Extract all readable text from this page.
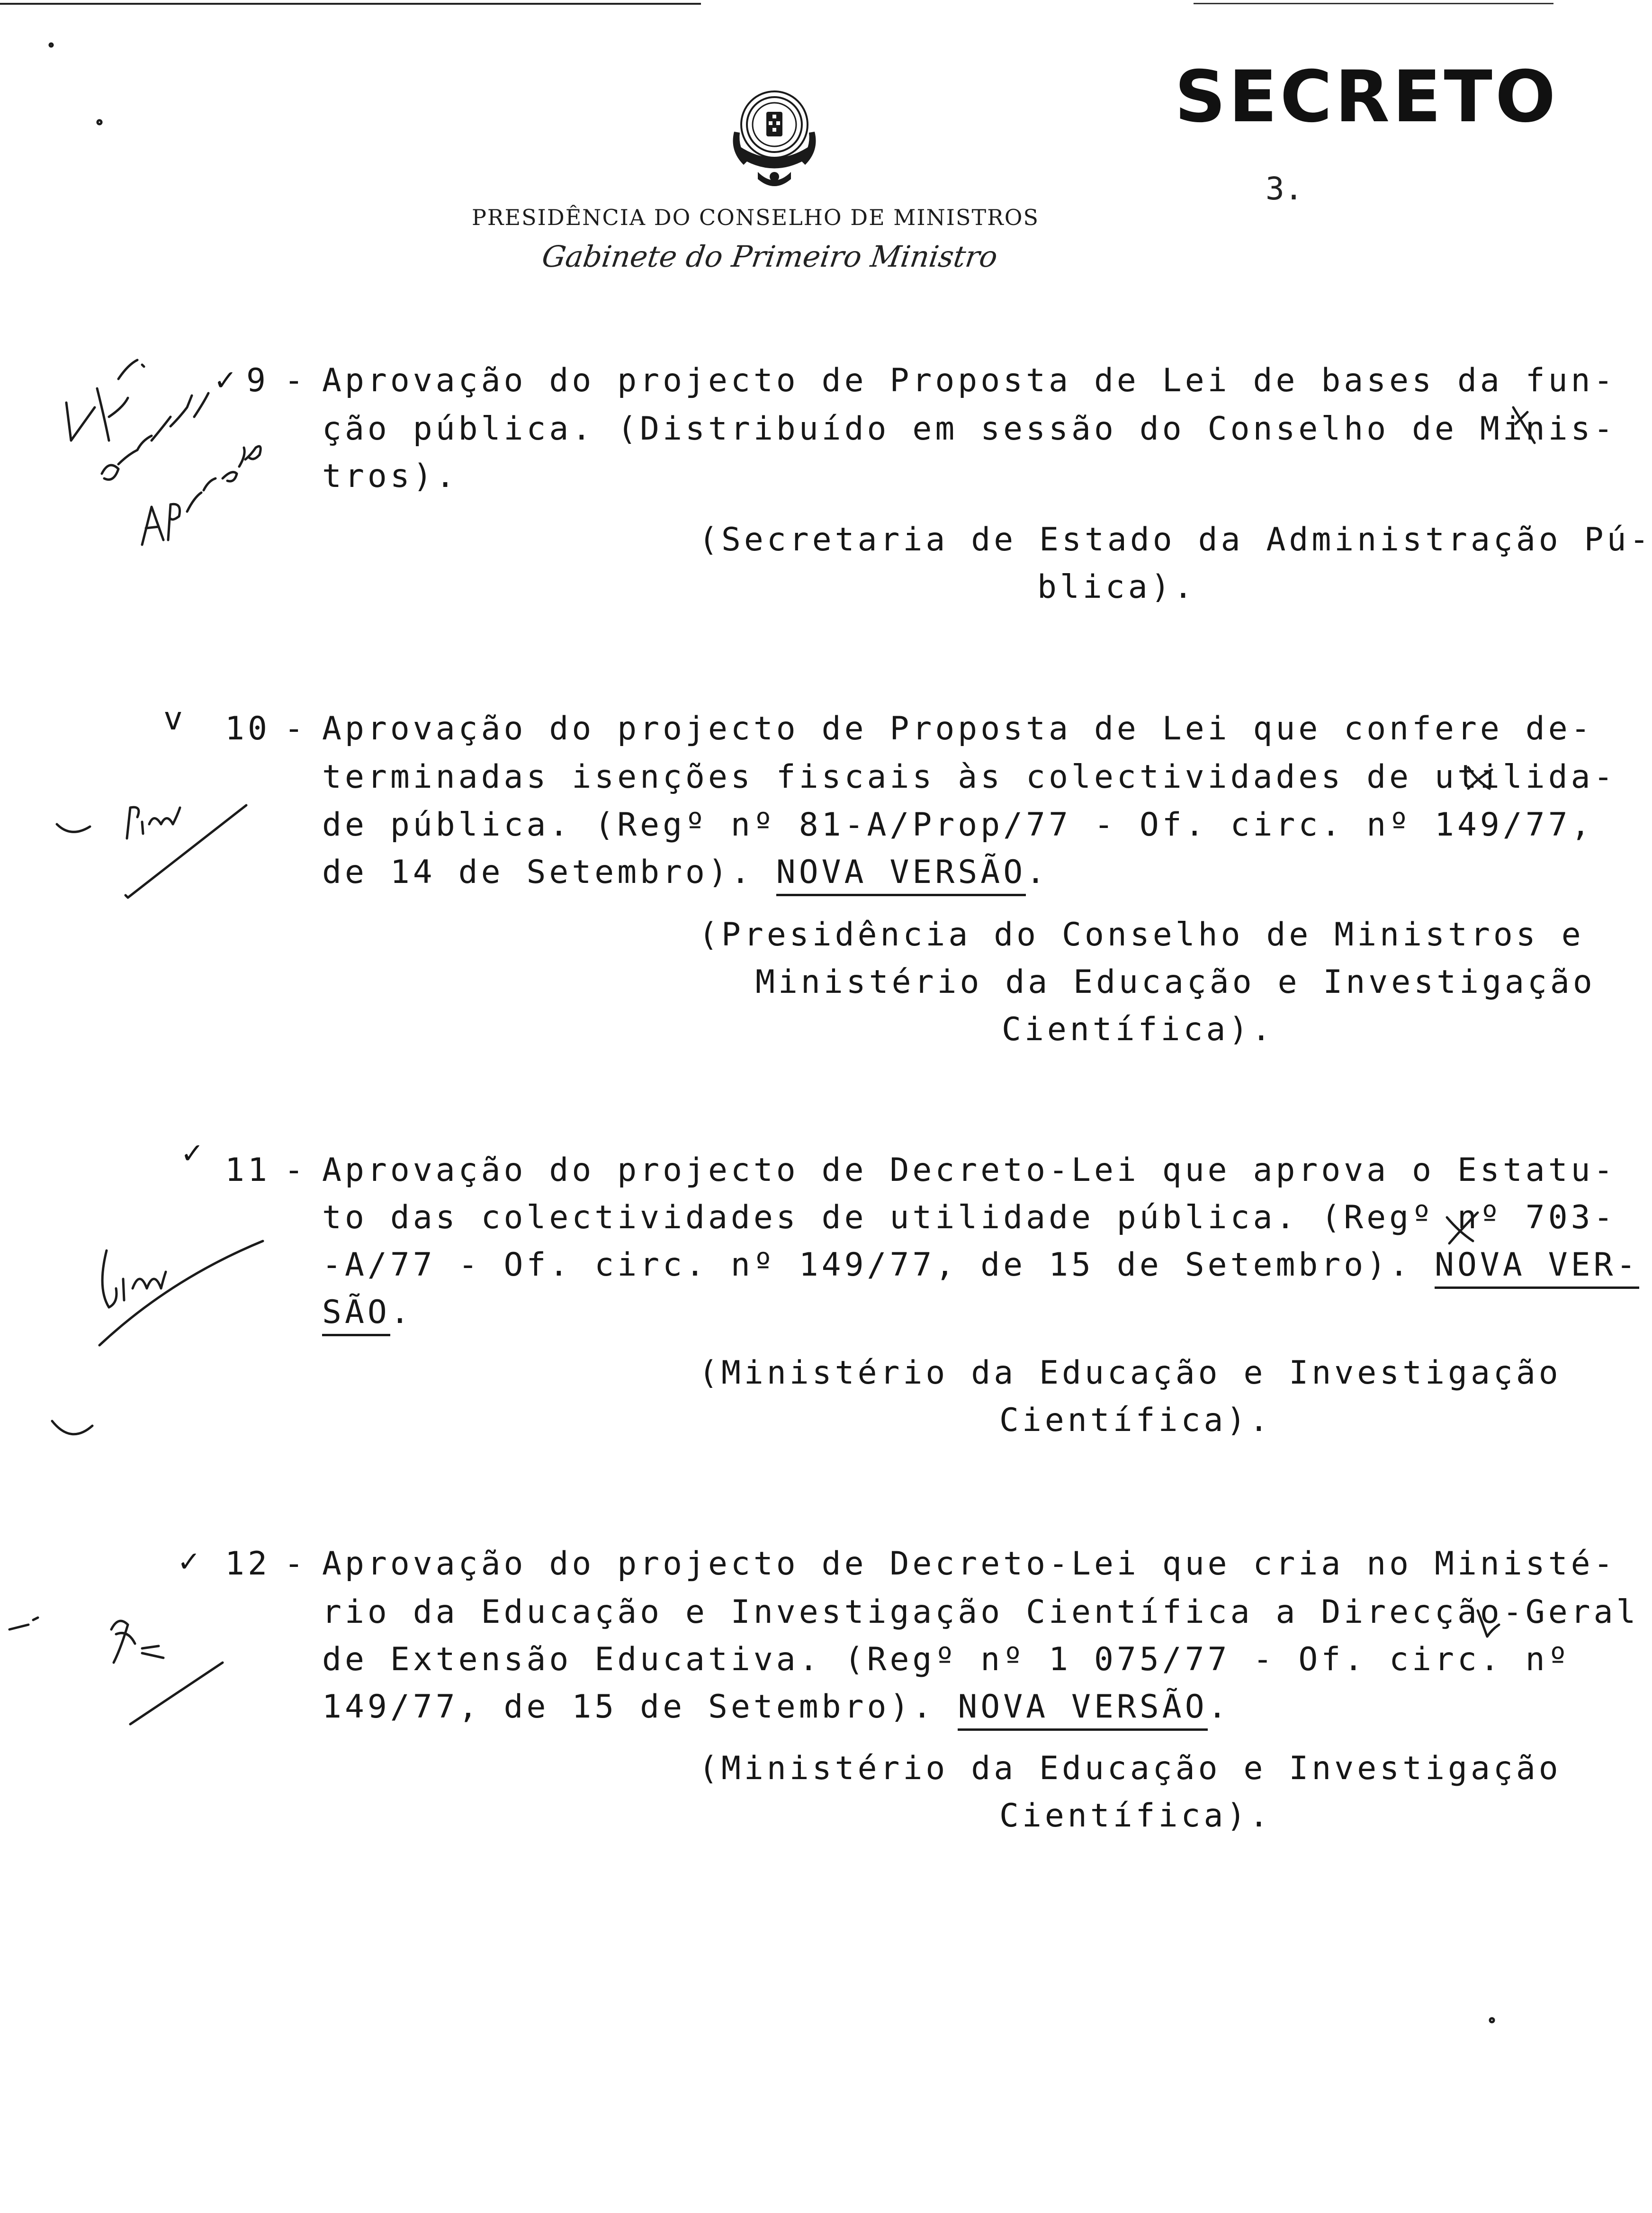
SECRETO
3.
PRESIDÊNCIA DO CONSELHO DE MINISTROS
Gabinete do Primeiro Ministro
✓ 9 - Aprovação do projecto de Proposta de Lei de bases da fun-
ção pública. (Distribuído em sessão do Conselho de Minis-
tros).
(Secretaria de Estado da Administração Pú-
blica).
v 10 - Aprovação do projecto de Proposta de Lei que confere de-
terminadas isenções fiscais às colectividades de utilida-
de pública. (Regº nº 81-A/Prop/77 - Of. circ. nº 149/77,
de 14 de Setembro). NOVA VERSÃO.
(Presidência do Conselho de Ministros e
Ministério da Educação e Investigação
Científica).
✓ 11 - Aprovação do projecto de Decreto-Lei que aprova o Estatu-
to das colectividades de utilidade pública. (Regº nº 703-
-A/77 - Of. circ. nº 149/77, de 15 de Setembro). NOVA VER-
SÃO.
(Ministério da Educação e Investigação
Científica).
✓ 12 - Aprovação do projecto de Decreto-Lei que cria no Ministé-
rio da Educação e Investigação Científica a Direcção-Geral
de Extensão Educativa. (Regº nº 1 075/77 - Of. circ. nº
149/77, de 15 de Setembro). NOVA VERSÃO.
(Ministério da Educação e Investigação
Científica).
